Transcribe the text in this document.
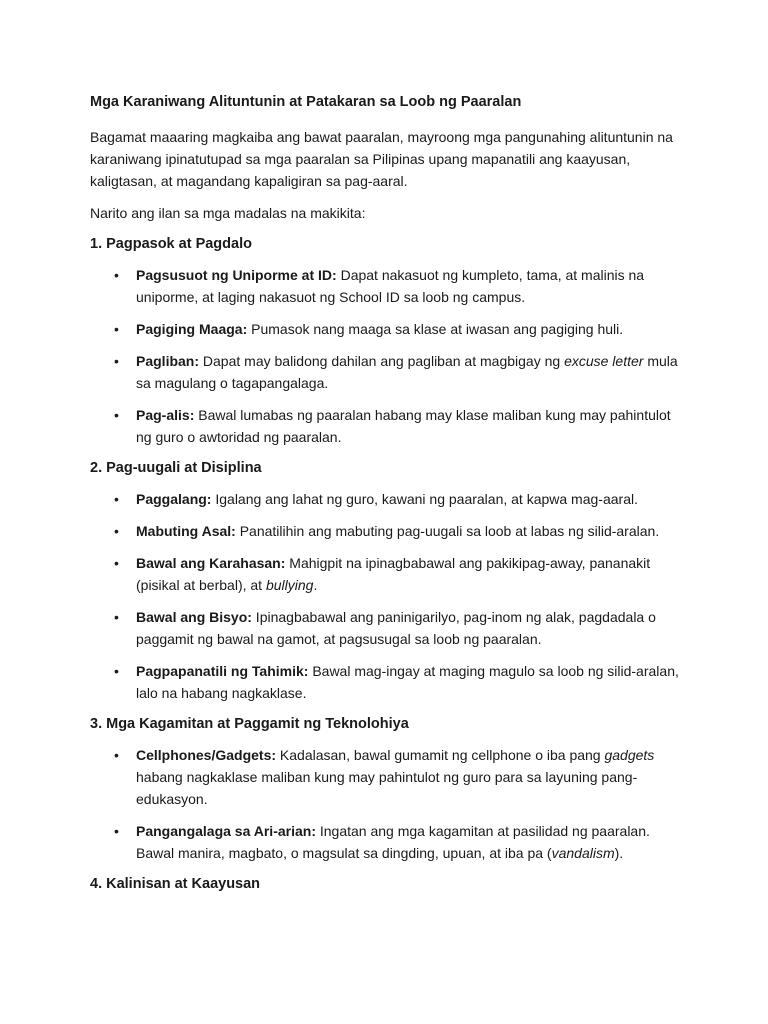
Mga Karaniwang Alituntunin at Patakaran sa Loob ng Paaralan

Bagamat maaaring magkaiba ang bawat paaralan, mayroong mga pangunahing alituntunin na karaniwang ipinatutupad sa mga paaralan sa Pilipinas upang mapanatili ang kaayusan, kaligtasan, at magandang kapaligiran sa pag-aaral.

Narito ang ilan sa mga madalas na makikita:

1. Pagpasok at Pagdalo
• Pagsusuot ng Uniporme at ID: Dapat nakasuot ng kumpleto, tama, at malinis na uniporme, at laging nakasuot ng School ID sa loob ng campus.
• Pagiging Maaga: Pumasok nang maaga sa klase at iwasan ang pagiging huli.
• Pagliban: Dapat may balidong dahilan ang pagliban at magbigay ng excuse letter mula sa magulang o tagapangalaga.
• Pag-alis: Bawal lumabas ng paaralan habang may klase maliban kung may pahintulot ng guro o awtoridad ng paaralan.
2. Pag-uugali at Disiplina
• Paggalang: Igalang ang lahat ng guro, kawani ng paaralan, at kapwa mag-aaral.
• Mabuting Asal: Panatilihin ang mabuting pag-uugali sa loob at labas ng silid-aralan.
• Bawal ang Karahasan: Mahigpit na ipinagbabawal ang pakikipag-away, pananakit (pisikal at berbal), at bullying.
• Bawal ang Bisyo: Ipinagbabawal ang paninigarilyo, pag-inom ng alak, pagdadala o paggamit ng bawal na gamot, at pagsusugal sa loob ng paaralan.
• Pagpapanatili ng Tahimik: Bawal mag-ingay at maging magulo sa loob ng silid-aralan, lalo na habang nagkaklase.
3. Mga Kagamitan at Paggamit ng Teknolohiya
• Cellphones/Gadgets: Kadalasan, bawal gumamit ng cellphone o iba pang gadgets habang nagkaklase maliban kung may pahintulot ng guro para sa layuning pang-edukasyon.
• Pangangalaga sa Ari-arian: Ingatan ang mga kagamitan at pasilidad ng paaralan. Bawal manira, magbato, o magsulat sa dingding, upuan, at iba pa (vandalism).
4. Kalinisan at Kaayusan
